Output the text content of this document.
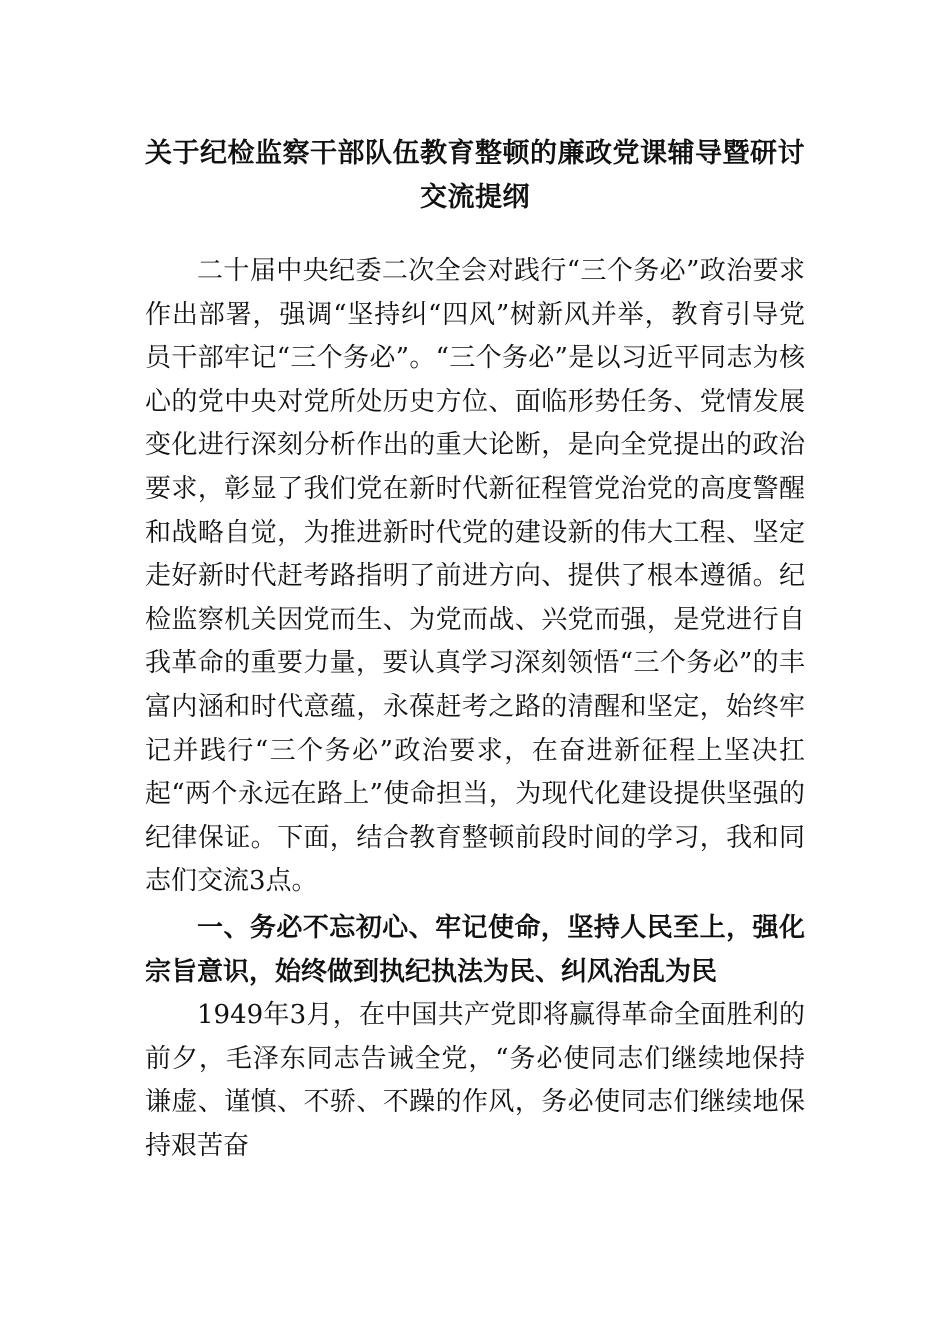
关于纪检监察干部队伍教育整顿的廉政党课辅导暨研讨交流提纲

二十届中央纪委二次全会对践行“三个务必”政治要求作出部署，强调“坚持纠“四风”树新风并举，教育引导党员干部牢记“三个务必”。“三个务必”是以习近平同志为核心的党中央对党所处历史方位、面临形势任务、党情发展变化进行深刻分析作出的重大论断，是向全党提出的政治要求，彰显了我们党在新时代新征程管党治党的高度警醒和战略自觉，为推进新时代党的建设新的伟大工程、坚定走好新时代赶考路指明了前进方向、提供了根本遵循。纪检监察机关因党而生、为党而战、兴党而强，是党进行自我革命的重要力量，要认真学习深刻领悟“三个务必”的丰富内涵和时代意蕴，永葆赶考之路的清醒和坚定，始终牢记并践行“三个务必”政治要求，在奋进新征程上坚决扛起“两个永远在路上”使命担当，为现代化建设提供坚强的纪律保证。下面，结合教育整顿前段时间的学习，我和同志们交流3点。

一、务必不忘初心、牢记使命，坚持人民至上，强化宗旨意识，始终做到执纪执法为民、纠风治乱为民

1949年3月，在中国共产党即将赢得革命全面胜利的前夕，毛泽东同志告诫全党，“务必使同志们继续地保持谦虚、谨慎、不骄、不躁的作风，务必使同志们继续地保持艰苦奋
